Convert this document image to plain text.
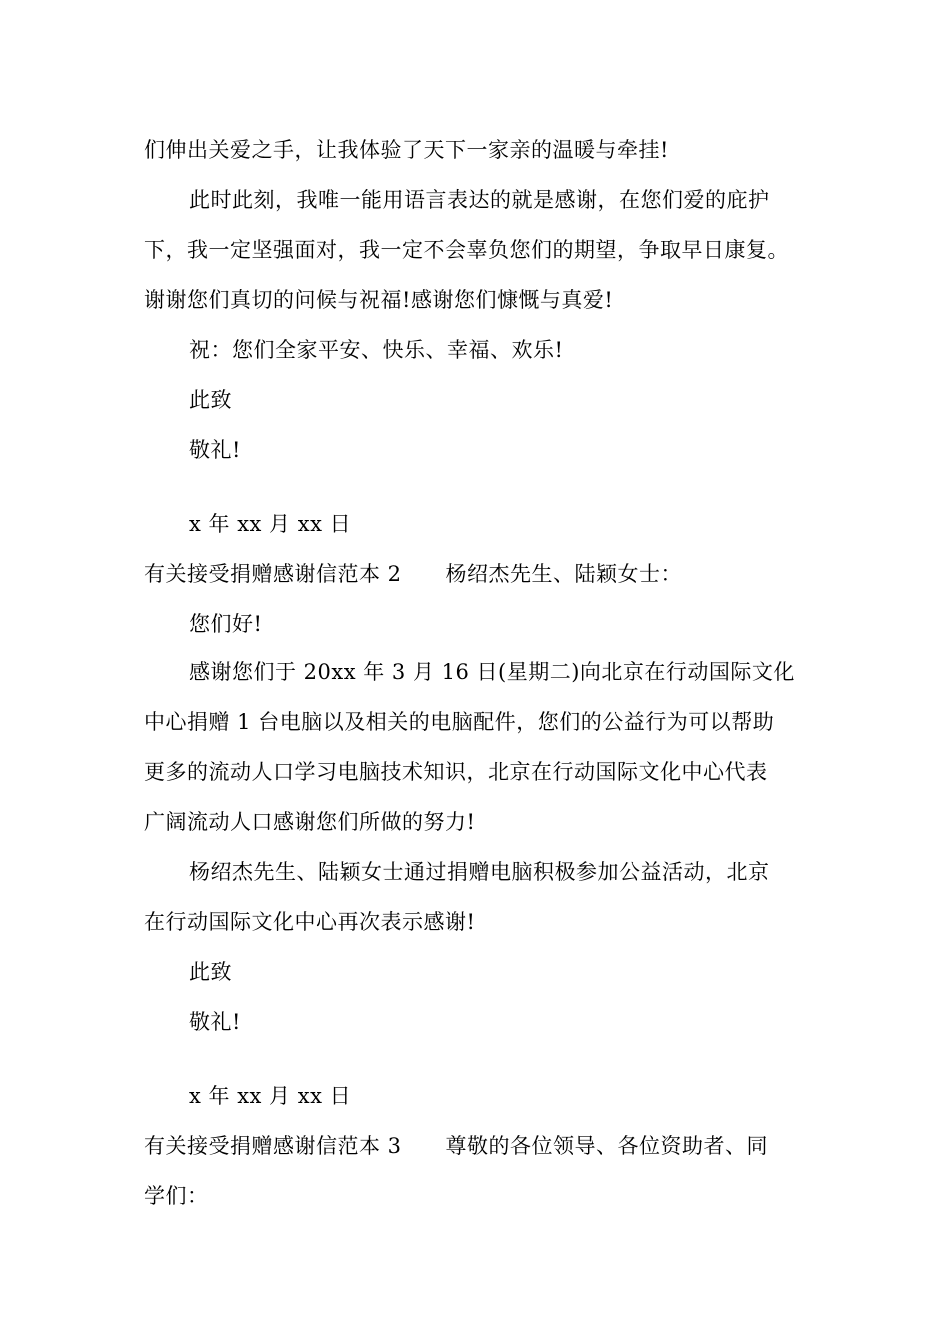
们伸出关爱之手，让我体验了天下一家亲的温暖与牵挂!
此时此刻，我唯一能用语言表达的就是感谢，在您们爱的庇护
下，我一定坚强面对，我一定不会辜负您们的期望，争取早日康复。
谢谢您们真切的问候与祝福!感谢您们慷慨与真爱!
祝：您们全家平安、快乐、幸福、欢乐!
此致
敬礼!
x 年 xx 月 xx 日
有关接受捐赠感谢信范本 2 杨绍杰先生、陆颖女士：
您们好!
感谢您们于 20xx 年 3 月 16 日(星期二)向北京在行动国际文化
中心捐赠 1 台电脑以及相关的电脑配件，您们的公益行为可以帮助
更多的流动人口学习电脑技术知识，北京在行动国际文化中心代表
广阔流动人口感谢您们所做的努力!
杨绍杰先生、陆颖女士通过捐赠电脑积极参加公益活动，北京
在行动国际文化中心再次表示感谢!
此致
敬礼!
x 年 xx 月 xx 日
有关接受捐赠感谢信范本 3 尊敬的各位领导、各位资助者、同
学们：
